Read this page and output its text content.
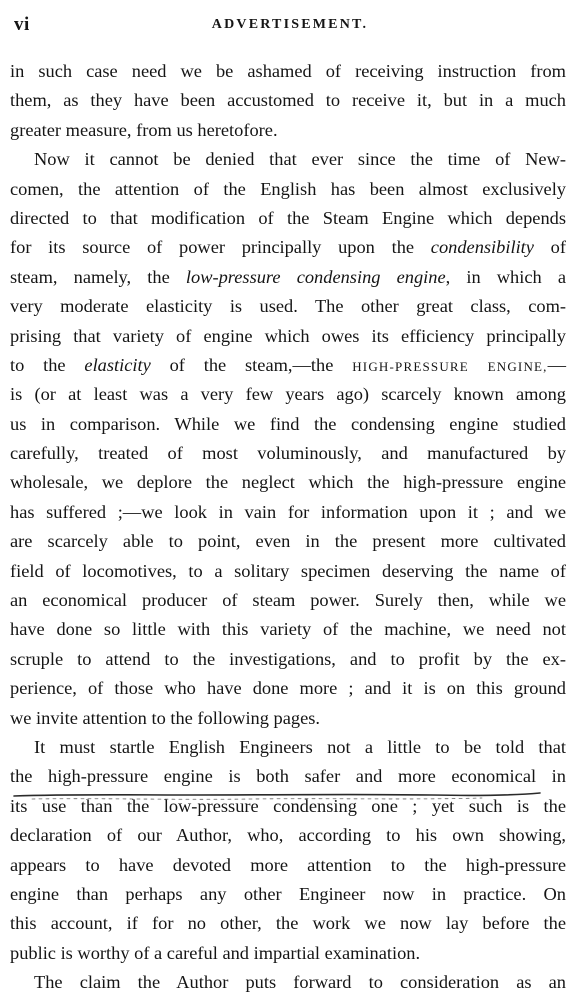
vi	ADVERTISEMENT.
in such case need we be ashamed of receiving instruction from
them, as they have been accustomed to receive it, but in a much
greater measure, from us heretofore.
Now it cannot be denied that ever since the time of New-
comen, the attention of the English has been almost exclusively
directed to that modification of the Steam Engine which depends
for its source of power principally upon the condensibility of
steam, namely, the low-pressure condensing engine, in which a
very moderate elasticity is used. The other great class, com-
prising that variety of engine which owes its efficiency principally
to the elasticity of the steam,—the HIGH-PRESSURE ENGINE,—
is (or at least was a very few years ago) scarcely known among
us in comparison. While we find the condensing engine studied
carefully, treated of most voluminously, and manufactured by
wholesale, we deplore the neglect which the high-pressure engine
has suffered ;—we look in vain for information upon it ; and we
are scarcely able to point, even in the present more cultivated
field of locomotives, to a solitary specimen deserving the name of
an economical producer of steam power. Surely then, while we
have done so little with this variety of the machine, we need not
scruple to attend to the investigations, and to profit by the ex-
perience, of those who have done more ; and it is on this ground
we invite attention to the following pages.
It must startle English Engineers not a little to be told that
the high-pressure engine is both safer and more economical in
its use than the low-pressure condensing one ; yet such is the
declaration of our Author, who, according to his own showing,
appears to have devoted more attention to the high-pressure
engine than perhaps any other Engineer now in practice. On
this account, if for no other, the work we now lay before the
public is worthy of a careful and impartial examination.
The claim the Author puts forward to consideration as an
